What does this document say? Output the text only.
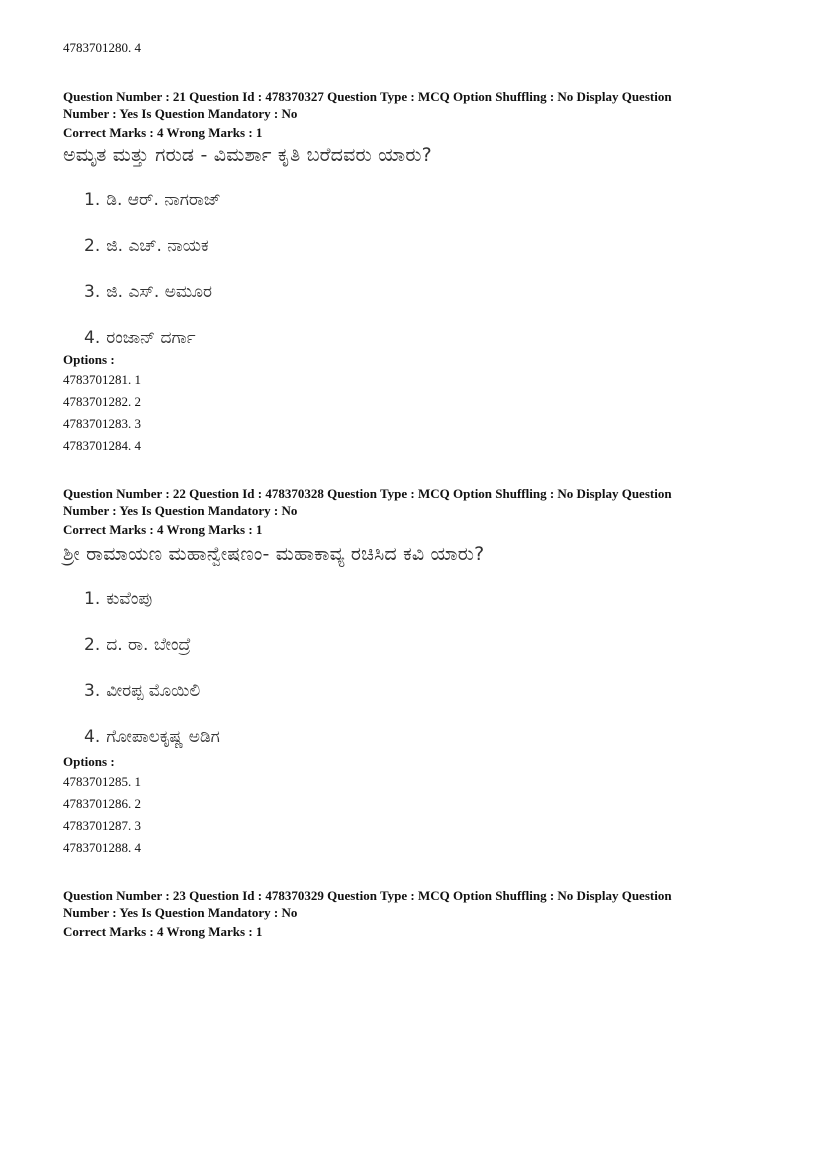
4783701280. 4
Question Number : 21 Question Id : 478370327 Question Type : MCQ Option Shuffling : No Display Question
Number : Yes Is Question Mandatory : No
Correct Marks : 4 Wrong Marks : 1
ಅಮೃತ ಮತ್ತು ಗರುಡ - ವಿಮರ್ಶಾ ಕೃತಿ ಬರೆದವರು ಯಾರು?
1. ಡಿ. ಆರ್. ನಾಗರಾಜ್
2. ಜಿ. ಎಚ್. ನಾಯಕ
3. ಜಿ. ಎಸ್. ಅಮೂರ
4. ರಂಜಾನ್ ದರ್ಗಾ
Options :
4783701281. 1
4783701282. 2
4783701283. 3
4783701284. 4
Question Number : 22 Question Id : 478370328 Question Type : MCQ Option Shuffling : No Display Question
Number : Yes Is Question Mandatory : No
Correct Marks : 4 Wrong Marks : 1
ಶ್ರೀ ರಾಮಾಯಣ ಮಹಾನ್ವೇಷಣಂ- ಮಹಾಕಾವ್ಯ ರಚಿಸಿದ ಕವಿ ಯಾರು?
1. ಕುವೆಂಪು
2. ದ. ರಾ. ಬೇಂದ್ರೆ
3. ವೀರಪ್ಪ ಮೊಯಿಲಿ
4. ಗೋಪಾಲಕೃಷ್ಣ ಅಡಿಗ
Options :
4783701285. 1
4783701286. 2
4783701287. 3
4783701288. 4
Question Number : 23 Question Id : 478370329 Question Type : MCQ Option Shuffling : No Display Question
Number : Yes Is Question Mandatory : No
Correct Marks : 4 Wrong Marks : 1
